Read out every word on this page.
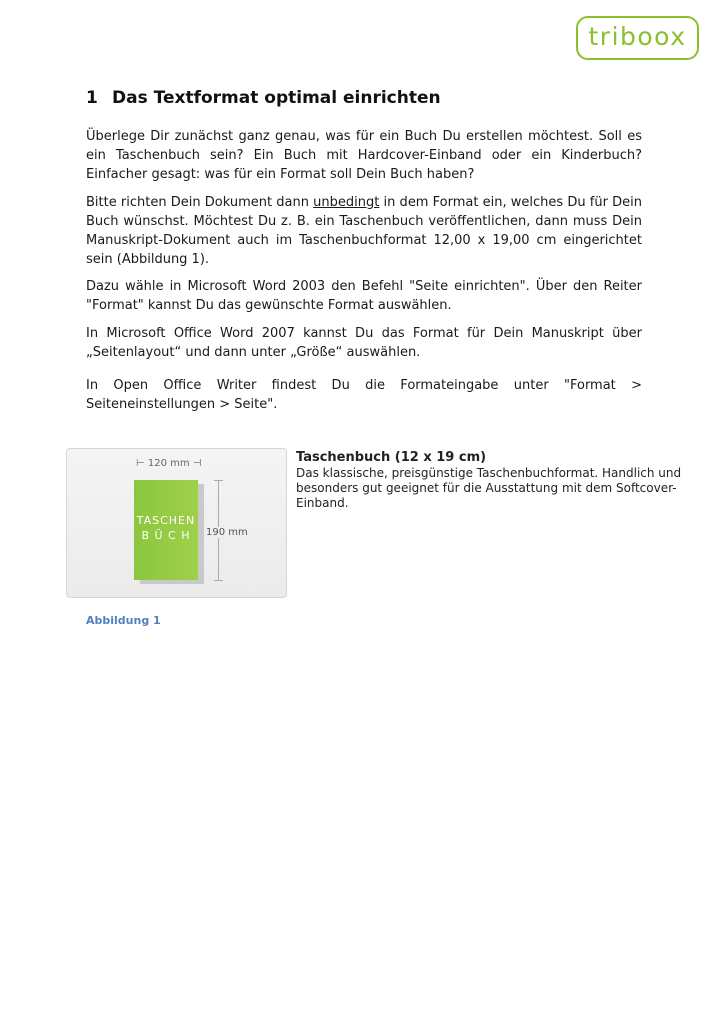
triboox
1 Das Textformat optimal einrichten

Überlege Dir zunächst ganz genau, was für ein Buch Du erstellen möchtest. Soll es ein Taschenbuch sein? Ein Buch mit Hardcover-Einband oder ein Kinderbuch? Einfacher gesagt: was für ein Format soll Dein Buch haben?

Bitte richten Dein Dokument dann unbedingt in dem Format ein, welches Du für Dein Buch wünschst. Möchtest Du z. B. ein Taschenbuch veröffentlichen, dann muss Dein Manuskript-Dokument auch im Taschenbuchformat 12,00 x 19,00 cm eingerichtet sein (Abbildung 1).

Dazu wähle in Microsoft Word 2003 den Befehl "Seite einrichten". Über den Reiter "Format" kannst Du das gewünschte Format auswählen.

In Microsoft Office Word 2007 kannst Du das Format für Dein Manuskript über „Seitenlayout“ und dann unter „Größe“ auswählen.

In Open Office Writer findest Du die Formateingabe unter "Format > Seiteneinstellungen > Seite".

⊢ 120 mm ⊣
TASCHEN
B Ü C H	190 mm
Taschenbuch (12 x 19 cm)
Das klassische, preisgünstige Taschenbuchformat. Handlich und besonders gut geeignet für die Ausstattung mit dem Softcover-Einband.
Abbildung 1
